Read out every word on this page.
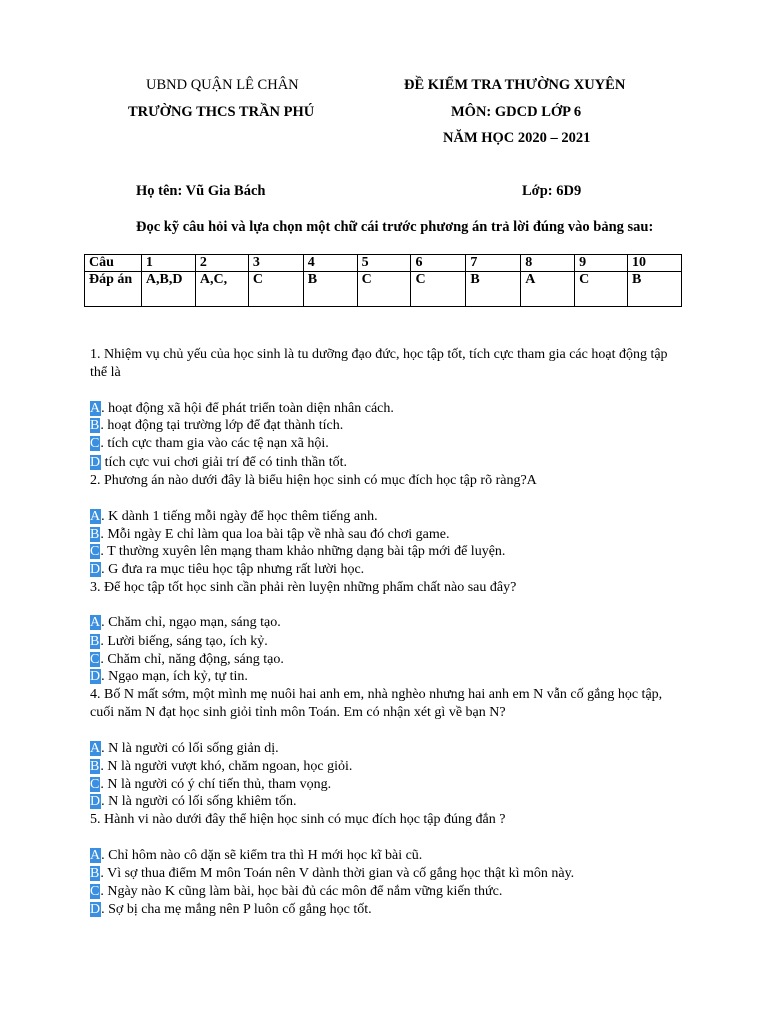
UBND QUẬN LÊ CHÂN
TRƯỜNG THCS TRẦN PHÚ
ĐỀ KIỂM TRA THƯỜNG XUYÊN
MÔN: GDCD LỚP 6
NĂM HỌC 2020 – 2021
Họ tên: Vũ Gia Bách	Lớp: 6D9
Đọc kỹ câu hỏi và lựa chọn một chữ cái trước phương án trả lời đúng vào bảng sau:
Câu	1	2	3	4	5	6	7	8	9	10
Đáp án	A,B,D	A,C,	C	B	C	C	B	A	C	B
1. Nhiệm vụ chủ yếu của học sinh là tu dưỡng đạo đức, học tập tốt, tích cực tham gia các hoạt động tập thể là
A. hoạt động xã hội để phát triển toàn diện nhân cách.
B. hoạt động tại trường lớp để đạt thành tích.
C. tích cực tham gia vào các tệ nạn xã hội.
D tích cực vui chơi giải trí để có tinh thần tốt.
2. Phương án nào dưới đây là biểu hiện học sinh có mục đích học tập rõ ràng?A
A. K dành 1 tiếng mỗi ngày để học thêm tiếng anh.
B. Mỗi ngày E chỉ làm qua loa bài tập về nhà sau đó chơi game.
C. T thường xuyên lên mạng tham khảo những dạng bài tập mới để luyện.
D. G đưa ra mục tiêu học tập nhưng rất lười học.
3. Để học tập tốt học sinh cần phải rèn luyện những phẩm chất nào sau đây?
A. Chăm chỉ, ngạo mạn, sáng tạo.
B. Lười biếng, sáng tạo, ích kỷ.
C. Chăm chỉ, năng động, sáng tạo.
D. Ngạo mạn, ích kỷ, tự tin.
4. Bố N mất sớm, một mình mẹ nuôi hai anh em, nhà nghèo nhưng hai anh em N vẫn cố gắng học tập, cuối năm N đạt học sinh giỏi tỉnh môn Toán. Em có nhận xét gì về bạn N?
A. N là người có lối sống giản dị.
B. N là người vượt khó, chăm ngoan, học giỏi.
C. N là người có ý chí tiến thủ, tham vọng.
D. N là người có lối sống khiêm tốn.
5. Hành vi nào dưới đây thể hiện học sinh có mục đích học tập đúng đắn ?
A. Chỉ hôm nào cô dặn sẽ kiểm tra thì H mới học kĩ bài cũ.
B. Vì sợ thua điểm M môn Toán nên V dành thời gian và cố gắng học thật kì môn này.
C. Ngày nào K cũng làm bài, học bài đủ các môn để nắm vững kiến thức.
D. Sợ bị cha mẹ mắng nên P luôn cố gắng học tốt.
